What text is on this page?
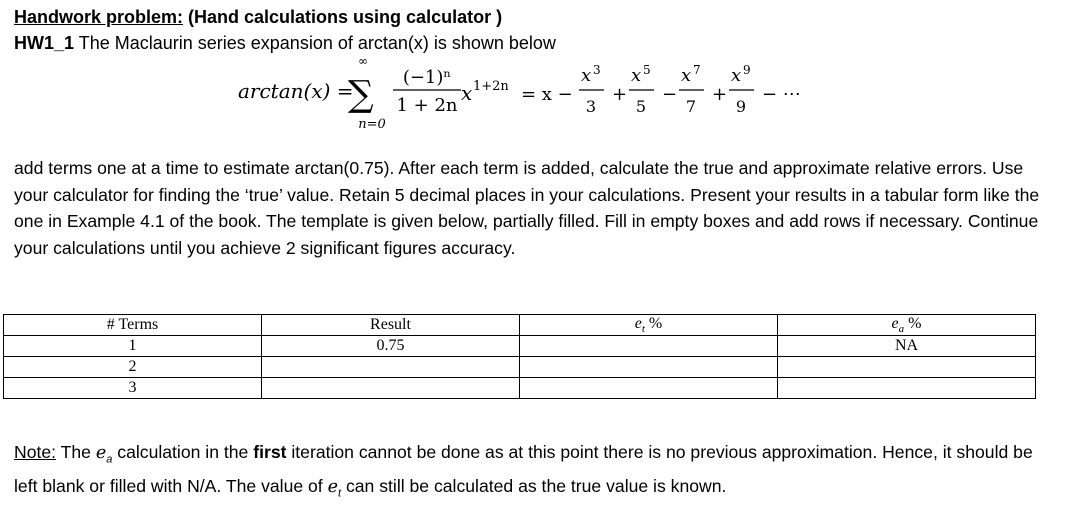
Handwork problem: (Hand calculations using calculator )
HW1_1 The Maclaurin series expansion of arctan(x) is shown below
arctan(x) =
∞
∑
n=0
(−1)ⁿ
1 + 2n
x 1+2n = x −
x 3
3
+
x 5
5
−
x 7
7
+
x 9
9
− ⋯
add terms one at a time to estimate arctan(0.75). After each term is added, calculate the true and approximate relative errors. Use your calculator for finding the ‘true’ value. Retain 5 decimal places in your calculations. Present your results in a tabular form like the one in Example 4.1 of the book. The template is given below, partially filled. Fill in empty boxes and add rows if necessary. Continue your calculations until you achieve 2 significant figures accuracy.
# Terms	Result	$e_t$ %	$e_a$ %
1	0.75		NA
2			
3			
Note: The $e_a$ calculation in the first iteration cannot be done as at this point there is no previous approximation. Hence, it should be left blank or filled with N/A. The value of $e_t$ can still be calculated as the true value is known.
